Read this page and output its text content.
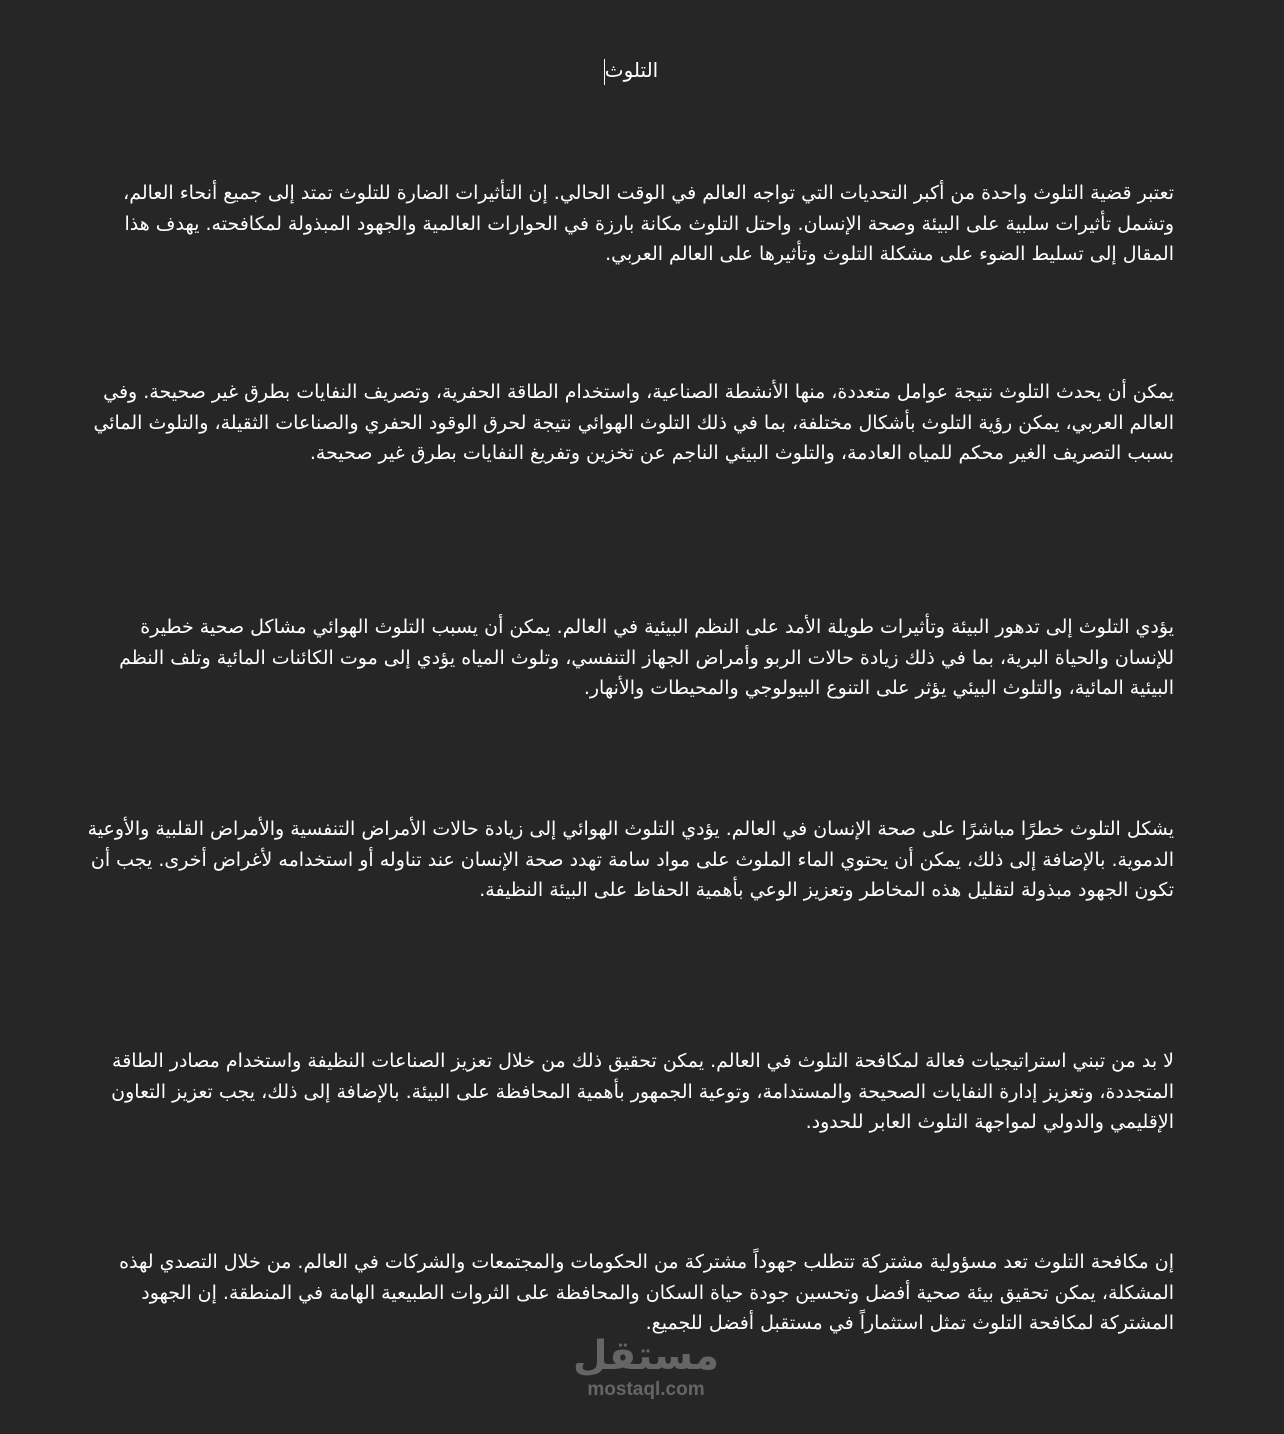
التلوث

تعتبر قضية التلوث واحدة من أكبر التحديات التي تواجه العالم في الوقت الحالي. إن التأثيرات الضارة للتلوث تمتد إلى جميع أنحاء العالم، وتشمل تأثيرات سلبية على البيئة وصحة الإنسان. واحتل التلوث مكانة بارزة في الحوارات العالمية والجهود المبذولة لمكافحته. يهدف هذا المقال إلى تسليط الضوء على مشكلة التلوث وتأثيرها على العالم العربي.

يمكن أن يحدث التلوث نتيجة عوامل متعددة، منها الأنشطة الصناعية، واستخدام الطاقة الحفرية، وتصريف النفايات بطرق غير صحيحة. وفي العالم العربي، يمكن رؤية التلوث بأشكال مختلفة، بما في ذلك التلوث الهوائي نتيجة لحرق الوقود الحفري والصناعات الثقيلة، والتلوث المائي بسبب التصريف الغير محكم للمياه العادمة، والتلوث البيئي الناجم عن تخزين وتفريغ النفايات بطرق غير صحيحة.

يؤدي التلوث إلى تدهور البيئة وتأثيرات طويلة الأمد على النظم البيئية في العالم. يمكن أن يسبب التلوث الهوائي مشاكل صحية خطيرة للإنسان والحياة البرية، بما في ذلك زيادة حالات الربو وأمراض الجهاز التنفسي، وتلوث المياه يؤدي إلى موت الكائنات المائية وتلف النظم البيئية المائية، والتلوث البيئي يؤثر على التنوع البيولوجي والمحيطات والأنهار.

يشكل التلوث خطرًا مباشرًا على صحة الإنسان في العالم. يؤدي التلوث الهوائي إلى زيادة حالات الأمراض التنفسية والأمراض القلبية والأوعية الدموية. بالإضافة إلى ذلك، يمكن أن يحتوي الماء الملوث على مواد سامة تهدد صحة الإنسان عند تناوله أو استخدامه لأغراض أخرى. يجب أن تكون الجهود مبذولة لتقليل هذه المخاطر وتعزيز الوعي بأهمية الحفاظ على البيئة النظيفة.

لا بد من تبني استراتيجيات فعالة لمكافحة التلوث في العالم. يمكن تحقيق ذلك من خلال تعزيز الصناعات النظيفة واستخدام مصادر الطاقة المتجددة، وتعزيز إدارة النفايات الصحيحة والمستدامة، وتوعية الجمهور بأهمية المحافظة على البيئة. بالإضافة إلى ذلك، يجب تعزيز التعاون الإقليمي والدولي لمواجهة التلوث العابر للحدود.

إن مكافحة التلوث تعد مسؤولية مشتركة تتطلب جهوداً مشتركة من الحكومات والمجتمعات والشركات في العالم. من خلال التصدي لهذه المشكلة، يمكن تحقيق بيئة صحية أفضل وتحسين جودة حياة السكان والمحافظة على الثروات الطبيعية الهامة في المنطقة. إن الجهود المشتركة لمكافحة التلوث تمثل استثماراً في مستقبل أفضل للجميع.

مستقل
mostaql.com
